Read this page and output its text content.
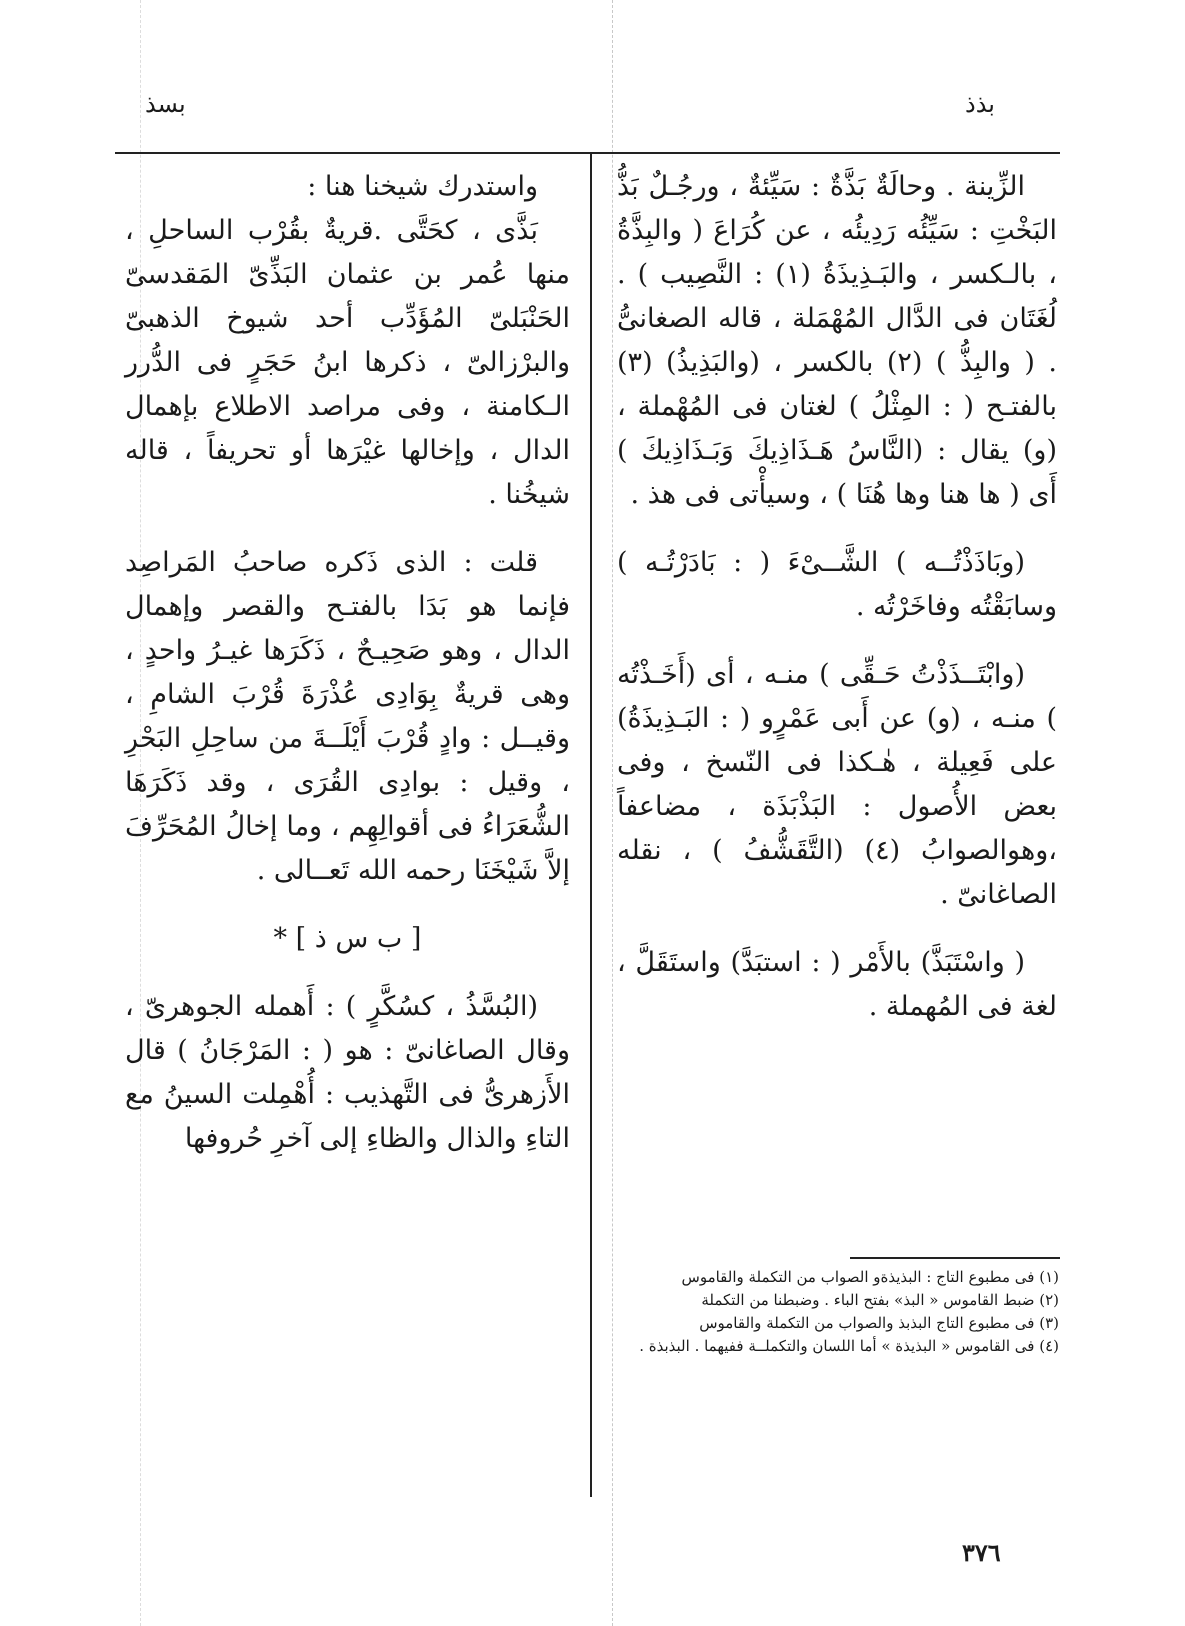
بذذ
بسذ

الزِّينة . وحالَةٌ بَذَّةٌ : سَيِّئةٌ ، ورجُـلٌ بَذُّ البَخْتِ : سَيِّئُه رَدِيئُه ، عن كُرَاعَ ( والبِذَّةُ ، بالـكسر ، والبَـذِيذَةُ (١) : النَّصِيب ) . لُغَتَان فى الدَّال المُهْمَلة ، قاله الصغانىُّ . ( والبِذُّ ) (٢) بالكسر ، (والبَذِيذُ) (٣) بالفتـح ( : المِثْلُ ) لغتان فى المُهْملة ،(و) يقال : (النَّاسُ هَـذَاذِيكَ وَبَـذَاذِيكَ ) أَى ( ها هنا وها هُنَا ) ، وسيأْتى فى هذ .

(وبَاذَذْتُــه ) الشَّــىْءَ ( : بَادَرْتُـه ) وسابَقْتُه وفاخَرْتُه .

(وابْتَــذَذْتُ حَـقِّى ) منـه ، أى (أَخَـذْتُه ) منـه ، (و) عن أَبى عَمْرٍو ( : البَـذِيذَةُ) على فَعِيلة ، هٰـكذا فى النّسخ ، وفى بعض الأُصول : البَذْبَذَة ، مضاعفاً ،وهوالصوابُ (٤) (التَّقَشُّفُ ) ، نقله الصاغانىّ .

( واسْتَبَذَّ) بالأَمْر ( : استبَدَّ) واستَقَلَّ ، لغة فى المُهملة .

واستدرك شيخنا هنا :

بَذَّى ، كحَتَّى .قريةٌ بقُرْب الساحلِ ، منها عُمر بن عثمان البَذِّىّ المَقدسىّ الحَنْبَلىّ المُؤَدِّب أحد شيوخ الذهبىّ والبرْزالىّ ، ذكرها ابنُ حَجَرٍ فى الدُّرر الـكامنة ، وفى مراصد الاطلاع بإهمال الدال ، وإخالها غيْرَها أو تحريفاً ، قاله شيخُنا .

قلت : الذى ذَكره صاحبُ المَراصِد فإنما هو بَدَا بالفتـح والقصر وإهمال الدال ، وهو صَحِيـحٌ ، ذَكَرَها غيـرُ واحدٍ ، وهى قريةٌ بِوَادِى عُذْرَةَ قُرْبَ الشامِ ، وقيــل : وادٍ قُرْبَ أَيْلَــةَ من ساحِلِ البَحْرِ ، وقيل : بوادِى القُرَى ، وقد ذَكَرَهَا الشُّعَرَاءُ فى أقوالِهِم ، وما إخالُ المُحَرِّفَ إلاَّ شَيْخَنَا رحمه الله تَعــالى .

[ ب س ذ ] *

(البُسَّذُ ، كسُكَّرٍ ) : أَهمله الجوهرىّ ، وقال الصاغانىّ : هو ( : المَرْجَانُ ) قال الأَزهرىُّ فى التَّهذيب : أُهْمِلت السينُ مع التاءِ والذال والظاءِ إلى آخرِ حُروفها

(١) فى مطبوع التاج : البذيذةو الصواب من التكملة والقاموس

(٢) ضبط القاموس « البذ» بفتح الباء . وضبطنا من التكملة

(٣) فى مطبوع التاج البذبذ والصواب من التكملة والقاموس

(٤) فى القاموس « البذيذة » أما اللسان والتكملــة ففيهما . البذبذة .

٣٧٦
